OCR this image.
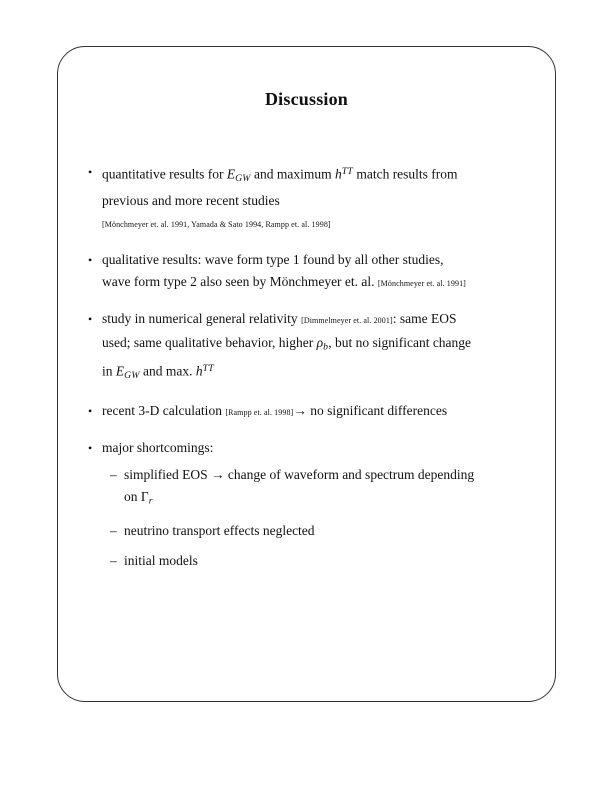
Discussion
• quantitative results for EGW and maximum $h^{TT}$ match results from
previous and more recent studies
[Mönchmeyer et. al. 1991, Yamada & Sato 1994, Rampp et. al. 1998]
• qualitative results: wave form type 1 found by all other studies,
wave form type 2 also seen by Mönchmeyer et. al. [Mönchmeyer et. al. 1991]
• study in numerical general relativity [Dimmelmeyer et. al. 2001]: same EOS
used; same qualitative behavior, higher ρb, but no significant change
in EGW and max. $h^{TT}$
• recent 3-D calculation [Rampp et. al. 1998]→ no significant differences
• major shortcomings:
– simplified EOS → change of waveform and spectrum depending
on Γr
– neutrino transport effects neglected
– initial models
